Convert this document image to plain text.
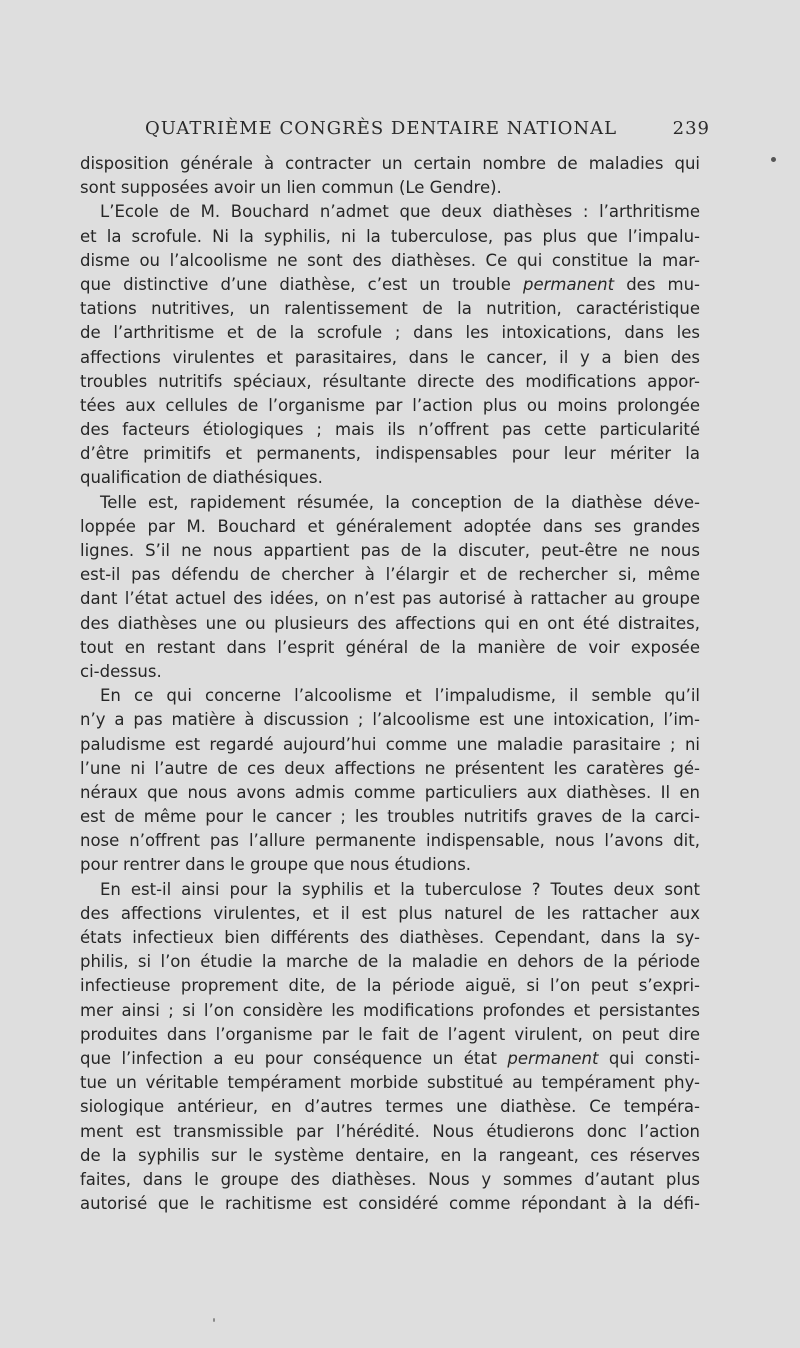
QUATRIÈME CONGRÈS DENTAIRE NATIONAL	239
disposition générale à contracter un certain nombre de maladies qui
sont supposées avoir un lien commun (Le Gendre).
L’Ecole de M. Bouchard n’admet que deux diathèses : l’arthritisme
et la scrofule. Ni la syphilis, ni la tuberculose, pas plus que l’impalu-
disme ou l’alcoolisme ne sont des diathèses. Ce qui constitue la mar-
que distinctive d’une diathèse, c’est un trouble permanent des mu-
tations nutritives, un ralentissement de la nutrition, caractéristique
de l’arthritisme et de la scrofule ; dans les intoxications, dans les
affections virulentes et parasitaires, dans le cancer, il y a bien des
troubles nutritifs spéciaux, résultante directe des modifications appor-
tées aux cellules de l’organisme par l’action plus ou moins prolongée
des facteurs étiologiques ; mais ils n’offrent pas cette particularité
d’être primitifs et permanents, indispensables pour leur mériter la
qualification de diathésiques.
Telle est, rapidement résumée, la conception de la diathèse déve-
loppée par M. Bouchard et généralement adoptée dans ses grandes
lignes. S’il ne nous appartient pas de la discuter, peut-être ne nous
est-il pas défendu de chercher à l’élargir et de rechercher si, même
dant l’état actuel des idées, on n’est pas autorisé à rattacher au groupe
des diathèses une ou plusieurs des affections qui en ont été distraites,
tout en restant dans l’esprit général de la manière de voir exposée
ci-dessus.
En ce qui concerne l’alcoolisme et l’impaludisme, il semble qu’il
n’y a pas matière à discussion ; l’alcoolisme est une intoxication, l’im-
paludisme est regardé aujourd’hui comme une maladie parasitaire ; ni
l’une ni l’autre de ces deux affections ne présentent les caratères gé-
néraux que nous avons admis comme particuliers aux diathèses. Il en
est de même pour le cancer ; les troubles nutritifs graves de la carci-
nose n’offrent pas l’allure permanente indispensable, nous l’avons dit,
pour rentrer dans le groupe que nous étudions.
En est-il ainsi pour la syphilis et la tuberculose ? Toutes deux sont
des affections virulentes, et il est plus naturel de les rattacher aux
états infectieux bien différents des diathèses. Cependant, dans la sy-
philis, si l’on étudie la marche de la maladie en dehors de la période
infectieuse proprement dite, de la période aiguë, si l’on peut s’expri-
mer ainsi ; si l’on considère les modifications profondes et persistantes
produites dans l’organisme par le fait de l’agent virulent, on peut dire
que l’infection a eu pour conséquence un état permanent qui consti-
tue un véritable tempérament morbide substitué au tempérament phy-
siologique antérieur, en d’autres termes une diathèse. Ce tempéra-
ment est transmissible par l’hérédité. Nous étudierons donc l’action
de la syphilis sur le système dentaire, en la rangeant, ces réserves
faites, dans le groupe des diathèses. Nous y sommes d’autant plus
autorisé que le rachitisme est considéré comme répondant à la défi-
